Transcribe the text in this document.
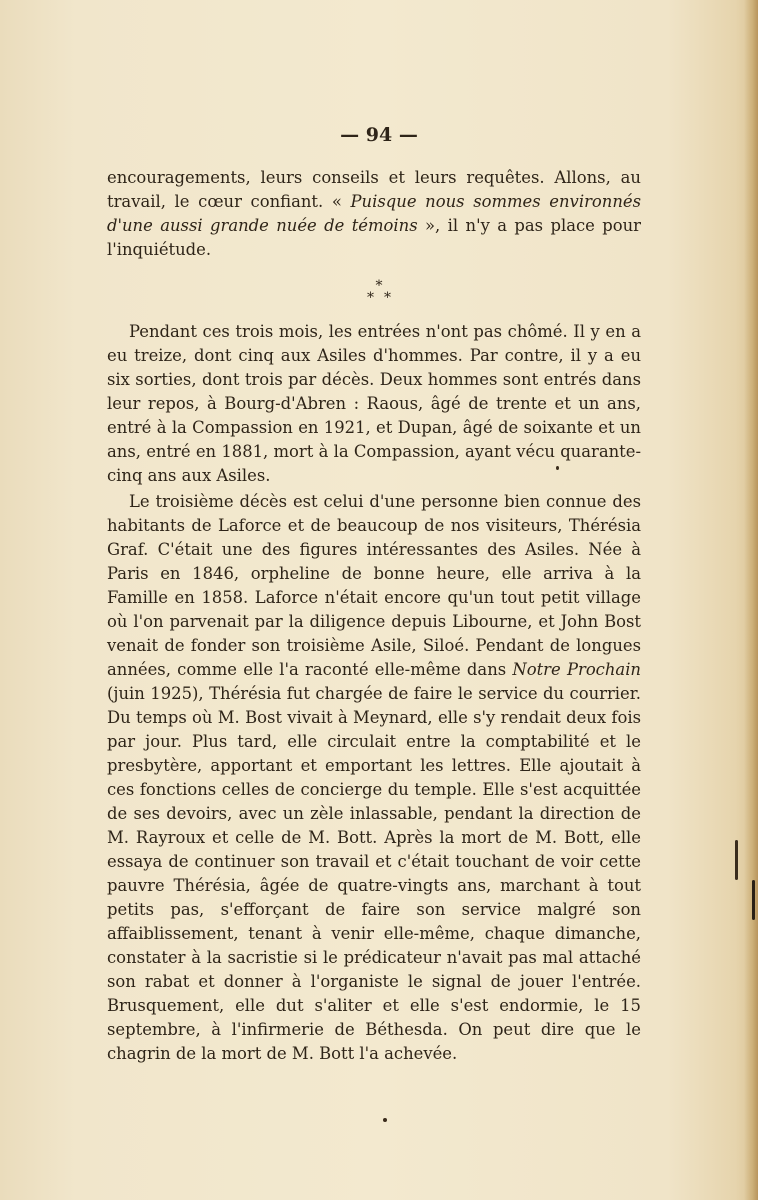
— 94 —

encouragements, leurs conseils et leurs requêtes. Allons, au travail, le cœur confiant. « Puisque nous sommes environnés d'une aussi grande nuée de témoins », il n'y a pas place pour l'inquiétude.

*
**

Pendant ces trois mois, les entrées n'ont pas chômé. Il y en a eu treize, dont cinq aux Asiles d'hommes. Par contre, il y a eu six sorties, dont trois par décès. Deux hommes sont entrés dans leur repos, à Bourg-d'Abren : Raous, âgé de trente et un ans, entré à la Compassion en 1921, et Dupan, âgé de soixante et un ans, entré en 1881, mort à la Compassion, ayant vécu quarante-cinq ans aux Asiles.

Le troisième décès est celui d'une personne bien connue des habitants de Laforce et de beaucoup de nos visiteurs, Thérésia Graf. C'était une des figures intéressantes des Asiles. Née à Paris en 1846, orpheline de bonne heure, elle arriva à la Famille en 1858. Laforce n'était encore qu'un tout petit village où l'on parvenait par la diligence depuis Libourne, et John Bost venait de fonder son troisième Asile, Siloé. Pendant de longues années, comme elle l'a raconté elle-même dans Notre Prochain (juin 1925), Thérésia fut chargée de faire le service du courrier. Du temps où M. Bost vivait à Meynard, elle s'y rendait deux fois par jour. Plus tard, elle circulait entre la comptabilité et le presbytère, apportant et emportant les lettres. Elle ajoutait à ces fonctions celles de concierge du temple. Elle s'est acquittée de ses devoirs, avec un zèle inlassable, pendant la direction de M. Rayroux et celle de M. Bott. Après la mort de M. Bott, elle essaya de continuer son travail et c'était touchant de voir cette pauvre Thérésia, âgée de quatre-vingts ans, marchant à tout petits pas, s'efforçant de faire son service malgré son affaiblissement, tenant à venir elle-même, chaque dimanche, constater à la sacristie si le prédicateur n'avait pas mal attaché son rabat et donner à l'organiste le signal de jouer l'entrée. Brusquement, elle dut s'aliter et elle s'est endormie, le 15 septembre, à l'infirmerie de Béthesda. On peut dire que le chagrin de la mort de M. Bott l'a achevée.
